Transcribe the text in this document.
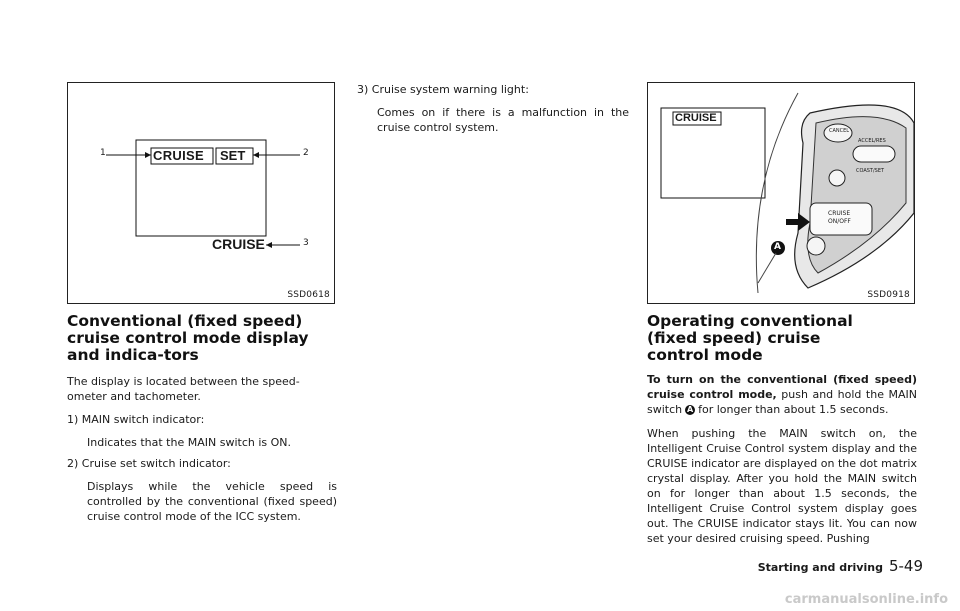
1	2
3
CRUISE SET
CRUISE
SSD0618
Conventional (fixed speed) cruise control mode display and indica-tors

The display is located between the speed-ometer and tachometer.

1) MAIN switch indicator:

Indicates that the MAIN switch is ON.

2) Cruise set switch indicator:

Displays while the vehicle speed is controlled by the conventional (fixed speed) cruise control mode of the ICC system.

3) Cruise system warning light:

Comes on if there is a malfunction in the cruise control system.

CRUISE
CANCEL
ACCEL/RES
COAST/SET
CRUISE
ON/OFF
A
SSD0918
Operating conventional (fixed speed) cruise control mode

To turn on the conventional (fixed speed) cruise control mode, push and hold the MAIN switch A for longer than about 1.5 seconds.

When pushing the MAIN switch on, the Intelligent Cruise Control system display and the CRUISE indicator are displayed on the dot matrix crystal display. After you hold the MAIN switch on for longer than about 1.5 seconds, the Intelligent Cruise Control system display goes out. The CRUISE indicator stays lit. You can now set your desired cruising speed. Pushing

Starting and driving 5-49
carmanualsonline.info
